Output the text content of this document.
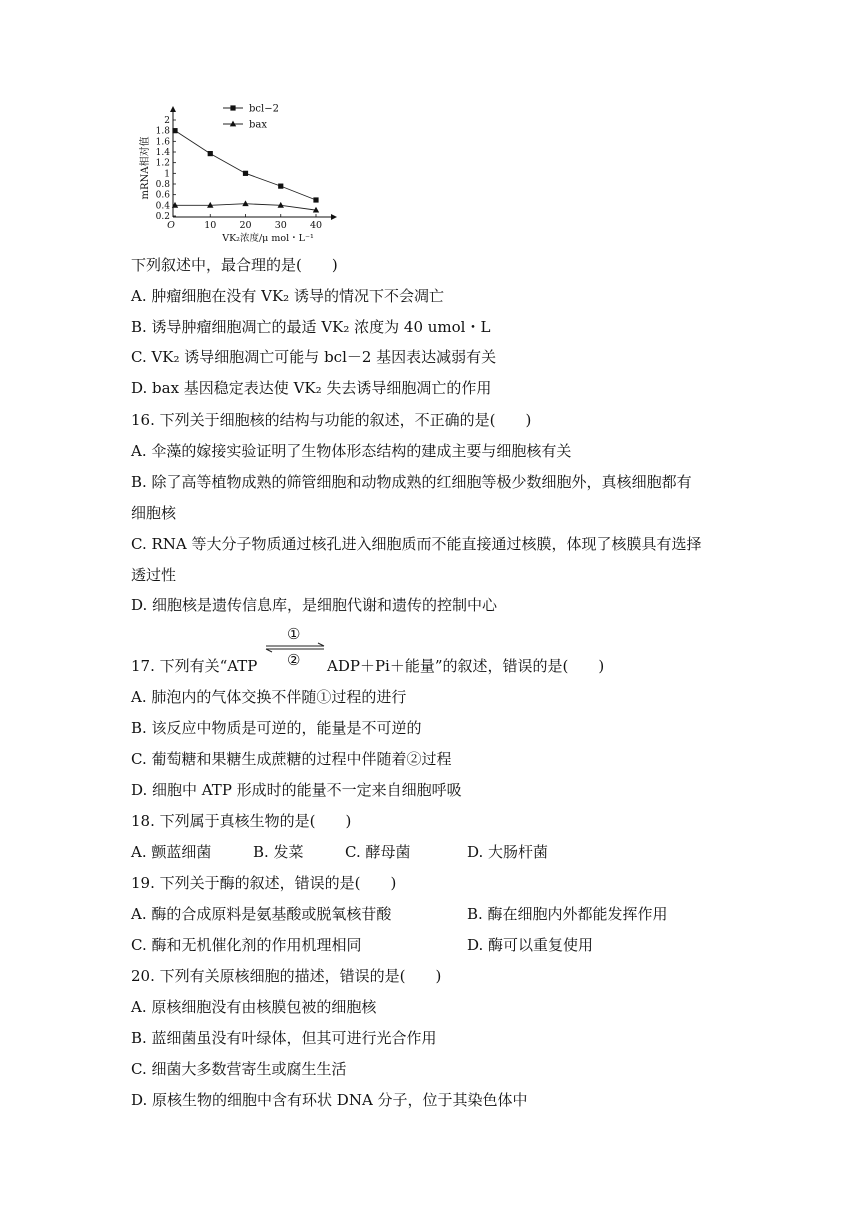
bcl−2
bax
0.2
0.4
0.6
0.8
1
1.2
1.4
1.6
1.8
2
O	10 20 30 40
VK₂浓度/μ mol・L⁻¹
mRNA相对值
下列叙述中，最合理的是(　　)
A. 肿瘤细胞在没有 VK₂ 诱导的情况下不会凋亡
B. 诱导肿瘤细胞凋亡的最适 VK₂ 浓度为 40 umol・L
C. VK₂ 诱导细胞凋亡可能与 bcl－2 基因表达减弱有关
D. bax 基因稳定表达使 VK₂ 失去诱导细胞凋亡的作用
16. 下列关于细胞核的结构与功能的叙述，不正确的是(　　)
A. 伞藻的嫁接实验证明了生物体形态结构的建成主要与细胞核有关
B. 除了高等植物成熟的筛管细胞和动物成熟的红细胞等极少数细胞外，真核细胞都有
细胞核
C. RNA 等大分子物质通过核孔进入细胞质而不能直接通过核膜，体现了核膜具有选择
透过性
D. 细胞核是遗传信息库，是细胞代谢和遗传的控制中心
①
②
17. 下列有关“ATP	ADP＋Pi＋能量”的叙述，错误的是(　　)
A. 肺泡内的气体交换不伴随①过程的进行
B. 该反应中物质是可逆的，能量是不可逆的
C. 葡萄糖和果糖生成蔗糖的过程中伴随着②过程
D. 细胞中 ATP 形成时的能量不一定来自细胞呼吸
18. 下列属于真核生物的是(　　)
A. 颤蓝细菌	B. 发菜	C. 酵母菌	D. 大肠杆菌
19. 下列关于酶的叙述，错误的是(　　)
A. 酶的合成原料是氨基酸或脱氧核苷酸	B. 酶在细胞内外都能发挥作用
C. 酶和无机催化剂的作用机理相同	D. 酶可以重复使用
20. 下列有关原核细胞的描述，错误的是(　　)
A. 原核细胞没有由核膜包被的细胞核
B. 蓝细菌虽没有叶绿体，但其可进行光合作用
C. 细菌大多数营寄生或腐生生活
D. 原核生物的细胞中含有环状 DNA 分子，位于其染色体中
